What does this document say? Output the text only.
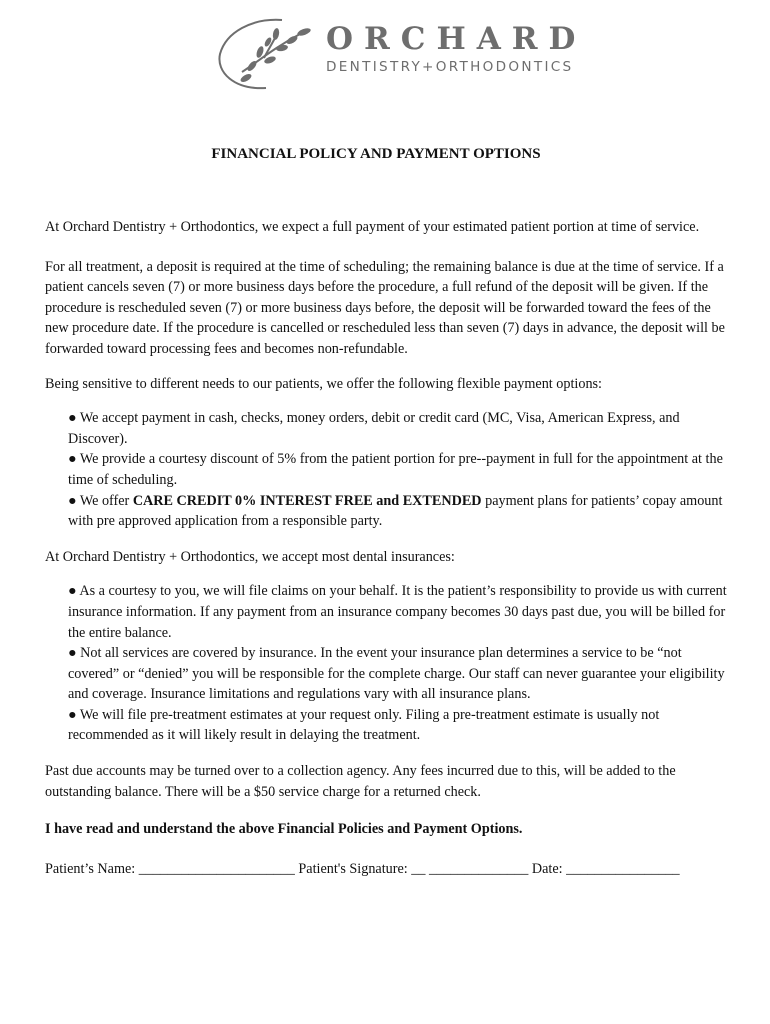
ORCHARD
DENTISTRY+ORTHODONTICS
FINANCIAL POLICY AND PAYMENT OPTIONS

At Orchard Dentistry + Orthodontics, we expect a full payment of your estimated patient portion at time of service.

For all treatment, a deposit is required at the time of scheduling; the remaining balance is due at the time of service. If a patient cancels seven (7) or more business days before the procedure, a full refund of the deposit will be given. If the procedure is rescheduled seven (7) or more business days before, the deposit will be forwarded toward the fees of the new procedure date. If the procedure is cancelled or rescheduled less than seven (7) days in advance, the deposit will be forwarded toward processing fees and becomes non-refundable.

Being sensitive to different needs to our patients, we offer the following flexible payment options:

● We accept payment in cash, checks, money orders, debit or credit card (MC, Visa, American Express, and Discover).

● We provide a courtesy discount of 5% from the patient portion for pre--payment in full for the appointment at the time of scheduling.

● We offer CARE CREDIT 0% INTEREST FREE and EXTENDED payment plans for patients’ copay amount with pre approved application from a responsible party.

At Orchard Dentistry + Orthodontics, we accept most dental insurances:

● As a courtesy to you, we will file claims on your behalf. It is the patient’s responsibility to provide us with current insurance information. If any payment from an insurance company becomes 30 days past due, you will be billed for the entire balance.

● Not all services are covered by insurance. In the event your insurance plan determines a service to be “not covered” or “denied” you will be responsible for the complete charge. Our staff can never guarantee your eligibility and coverage. Insurance limitations and regulations vary with all insurance plans.

● We will file pre-treatment estimates at your request only. Filing a pre-treatment estimate is usually not recommended as it will likely result in delaying the treatment.

Past due accounts may be turned over to a collection agency. Any fees incurred due to this, will be added to the outstanding balance. There will be a $50 service charge for a returned check.

I have read and understand the above Financial Policies and Payment Options.

Patient’s Name: ______________________ Patient's Signature: __ ______________ Date: ________________
